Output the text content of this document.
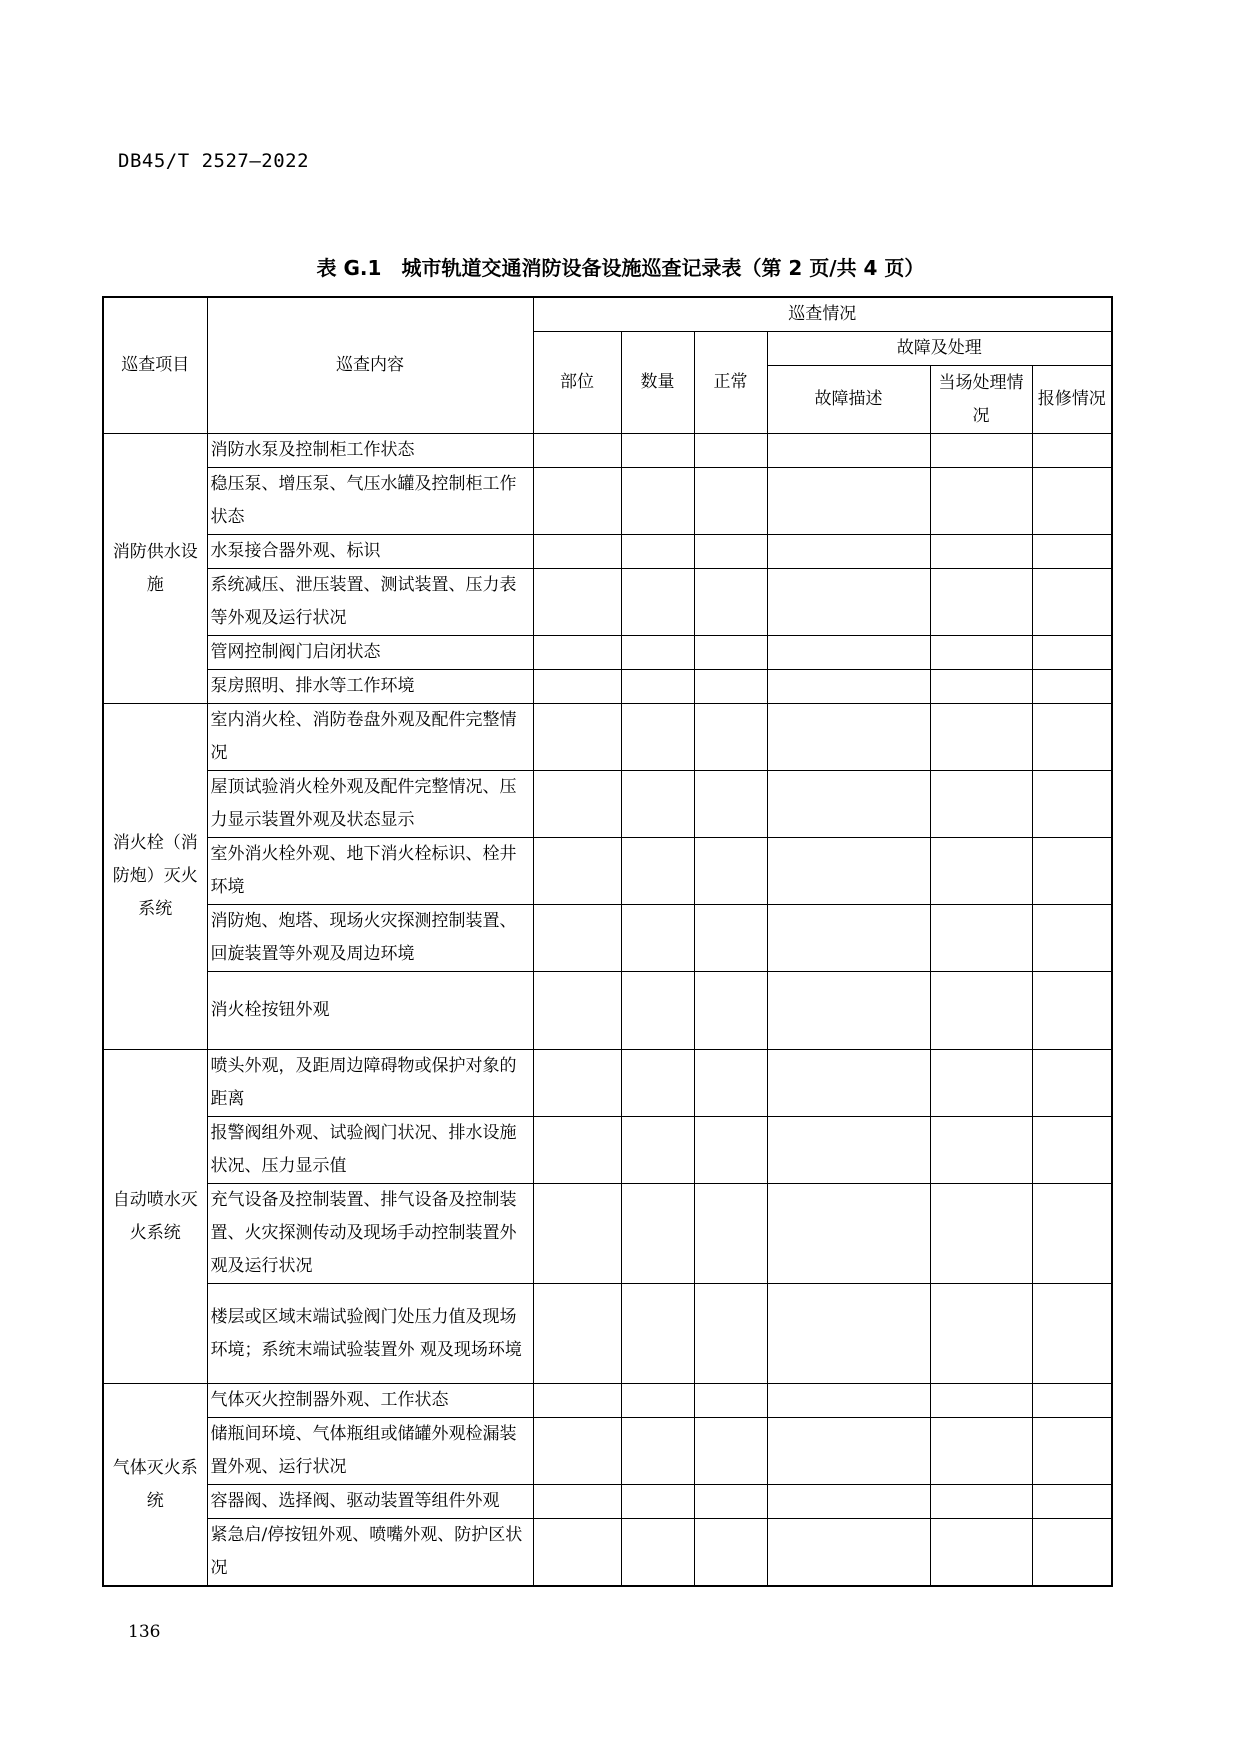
DB45/T 2527—2022
表 G.1　城市轨道交通消防设备设施巡查记录表（第 2 页/共 4 页）
巡查项目	巡查内容	巡查情况					
		部位	数量	正常	故障及处理		
					故障描述	当场处理情况	报修情况
消防供水设施	消防水泵及控制柜工作状态						
	稳压泵、增压泵、气压水罐及控制柜工作状态						
	水泵接合器外观、标识						
	系统减压、泄压装置、测试装置、压力表等外观及运行状况						
	管网控制阀门启闭状态						
	泵房照明、排水等工作环境						
消火栓（消防炮）灭火系统	室内消火栓、消防卷盘外观及配件完整情况						
	屋顶试验消火栓外观及配件完整情况、压力显示装置外观及状态显示						
	室外消火栓外观、地下消火栓标识、栓井环境						
	消防炮、炮塔、现场火灾探测控制装置、回旋装置等外观及周边环境						
	消火栓按钮外观						
自动喷水灭火系统	喷头外观，及距周边障碍物或保护对象的距离						
	报警阀组外观、试验阀门状况、排水设施状况、压力显示值						
	充气设备及控制装置、排气设备及控制装置、火灾探测传动及现场手动控制装置外观及运行状况						
	楼层或区域末端试验阀门处压力值及现场环境；系统末端试验装置外 观及现场环境						
气体灭火系统	气体灭火控制器外观、工作状态						
	储瓶间环境、气体瓶组或储罐外观检漏装置外观、运行状况						
	容器阀、选择阀、驱动装置等组件外观						
	紧急启/停按钮外观、喷嘴外观、防护区状况						
136
